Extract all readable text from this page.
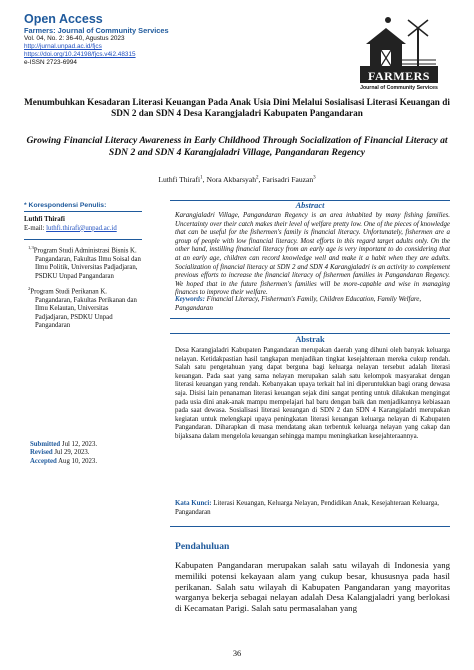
Open Access
Farmers: Journal of Community Services
Vol. 04, No. 2: 36-40, Agustus 2023
http://jurnal.unpad.ac.id/fjcs
https://doi.org/10.24198/fjcs.v4i2.48315
e-ISSN 2723-6994
FARMERS
Journal of Community Services
Menumbuhkan Kesadaran Literasi Keuangan Pada Anak Usia Dini Melalui Sosialisasi Literasi Keuangan di SDN 2 dan SDN 4 Desa Karangjaladri Kabupaten Pangandaran
Growing Financial Literacy Awareness in Early Childhood Through Socialization of Financial Literacy at SDN 2 and SDN 4 Karangjaladri Village, Pangandaran Regency
Luthfi Thirafi$^1$, Nora Akbarsyah$^2$, Farisadri Fauzan$^3$
* Korespondensi Penulis:
Luthfi Thirafi
E-mail: luthfi.thirafi@unpad.ac.id
$^{1,3}$Program Studi Administrasi Bisnis K. Pangandaran, Fakultas Ilmu Soisal dan Ilmu Politik, Universitas Padjadjaran, PSDKU Unpad Pangandaran
$^2$Program Studi Perikanan K. Pangandaran, Fakultas Perikanan dan Ilmu Kelautan, Universitas Padjadjaran, PSDKU Unpad Pangandaran
Submitted Jul 12, 2023.
Revised Jul 29, 2023.
Accepted Aug 10, 2023.
Abstract
Karangjaladri Village, Pangandaran Regency is an area inhabited by many fishing families. Uncertainty over their catch makes their level of welfare pretty low. One of the pieces of knowledge that can be useful for the fishermen's family is financial literacy. Unfortunately, fishermen are a group of people with low financial literacy. Most efforts in this regard target adults only. On the other hand, instilling financial literacy from an early age is very important to do considering that at an early age, children can record knowledge well and make it a habit when they are adults. Socialization of financial literacy at SDN 2 and SDN 4 Karangjaladri is an activity to complement previous efforts to increase the financial literacy of fishermen families in Pangandaran Regency. We hoped that in the future fishermen's families will be more-capable and wise in managing finances to improve their welfare.
Keywords: Financial Literacy, Fisherman's Family, Children Education, Family Welfare, Pangandaran
Abstrak
Desa Karangjaladri Kabupaten Pangandaran merupakan daerah yang dihuni oleh banyak keluarga nelayan. Ketidakpastian hasil tangkapan menjadikan tingkat kesejahteraan mereka cukup rendah. Salah satu pengetahuan yang dapat berguna bagi keluarga nelayan tersebut adalah literasi keuangan. Pada saat yang sama nelayan merupakan salah satu kelompok masyarakat dengan literasi keuangan yang rendah. Kebanyakan upaya terkait hal ini diperuntukkan bagi orang dewasa saja. Disisi lain penanaman literasi keuangan sejak dini sangat penting untuk dilakukan mengingat pada usia dini anak-anak mampu mempelajari hal baru dengan baik dan menjadikannya kebiasaan pada saat dewasa. Sosialisasi literasi keuangan di SDN 2 dan SDN 4 Karangjaladri merupakan kegiatan untuk melengkapi upaya peningkatan literasi keuangan keluarga nelayan di Kabupaten Pangandaran. Diharapkan di masa mendatang akan terbentuk keluarga nelayan yang cakap dan bijaksana dalam mengelola keuangan sehingga mampu meningkatkan kesejahteraannya.
Kata Kunci: Literasi Keuangan, Keluarga Nelayan, Pendidikan Anak, Kesejahteraan Keluarga, Pangandaran
Pendahuluan
Kabupaten Pangandaran merupakan salah satu wilayah di Indonesia yang memiliki potensi kekayaan alam yang cukup besar, khususnya pada hasil perikanan. Salah satu wilayah di Kabupaten Pangandaran yang mayoritas warganya bekerja sebagai nelayan adalah Desa Kalangjaladri yang berlokasi di Kecamatan Parigi. Salah satu permasalahan yang
36
